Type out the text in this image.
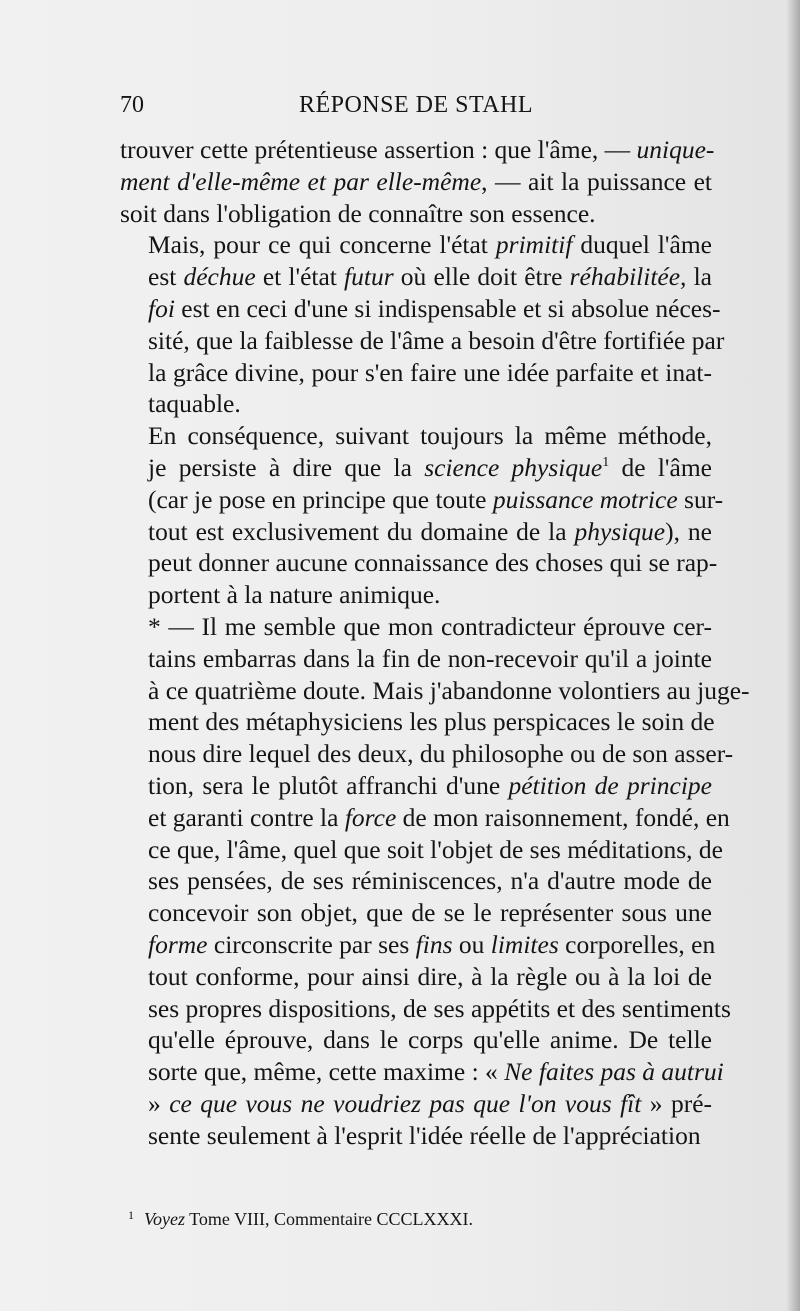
70	RÉPONSE DE STAHL

trouver cette prétentieuse assertion : que l'âme, — unique-
ment d'elle-même et par elle-même, — ait la puissance et
soit dans l'obligation de connaître son essence.

Mais, pour ce qui concerne l'état primitif duquel l'âme
est déchue et l'état futur où elle doit être réhabilitée, la
foi est en ceci d'une si indispensable et si absolue néces-
sité, que la faiblesse de l'âme a besoin d'être fortifiée par
la grâce divine, pour s'en faire une idée parfaite et inat-
taquable.

En conséquence, suivant toujours la même méthode,
je persiste à dire que la science physique$^1$ de l'âme
(car je pose en principe que toute puissance motrice sur-
tout est exclusivement du domaine de la physique), ne
peut donner aucune connaissance des choses qui se rap-
portent à la nature animique.

* — Il me semble que mon contradicteur éprouve cer-
tains embarras dans la fin de non-recevoir qu'il a jointe
à ce quatrième doute. Mais j'abandonne volontiers au juge-
ment des métaphysiciens les plus perspicaces le soin de
nous dire lequel des deux, du philosophe ou de son asser-
tion, sera le plutôt affranchi d'une pétition de principe
et garanti contre la force de mon raisonnement, fondé, en
ce que, l'âme, quel que soit l'objet de ses méditations, de
ses pensées, de ses réminiscences, n'a d'autre mode de
concevoir son objet, que de se le représenter sous une
forme circonscrite par ses fins ou limites corporelles, en
tout conforme, pour ainsi dire, à la règle ou à la loi de
ses propres dispositions, de ses appétits et des sentiments
qu'elle éprouve, dans le corps qu'elle anime. De telle
sorte que, même, cette maxime : « Ne faites pas à autrui
» ce que vous ne voudriez pas que l'on vous fît » pré-
sente seulement à l'esprit l'idée réelle de l'appréciation

$^1$ Voyez Tome VIII, Commentaire CCCLXXXI.
